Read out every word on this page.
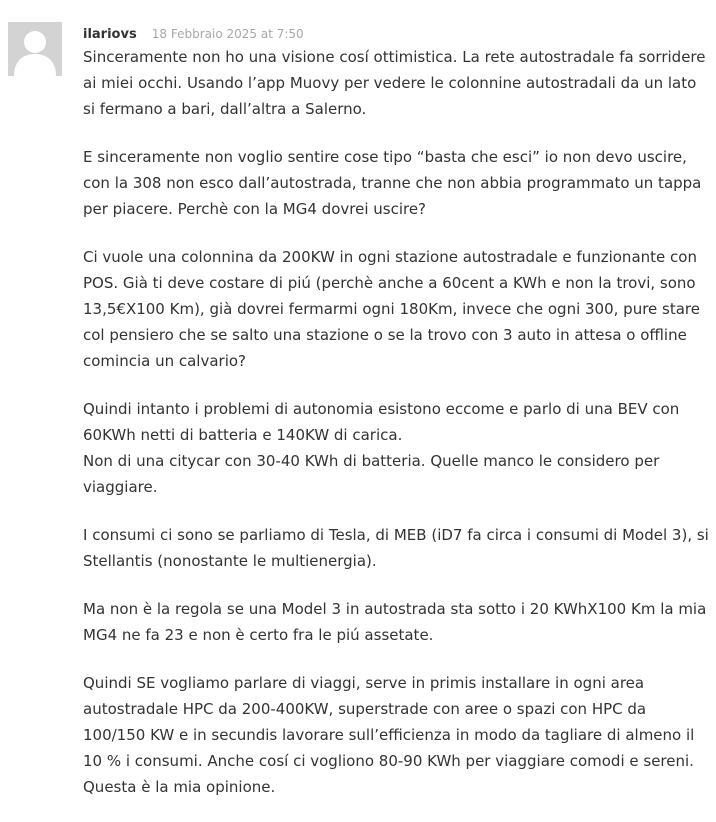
ilariovs 18 Febbraio 2025 at 7:50

Sinceramente non ho una visione cosí ottimistica. La rete autostradale fa sorridere ai miei occhi. Usando l’app Muovy per vedere le colonnine autostradali da un lato si fermano a bari, dall’altra a Salerno.

E sinceramente non voglio sentire cose tipo “basta che esci” io non devo uscire, con la 308 non esco dall’autostrada, tranne che non abbia programmato un tappa per piacere. Perchè con la MG4 dovrei uscire?

Ci vuole una colonnina da 200KW in ogni stazione autostradale e funzionante con POS. Già ti deve costare di piú (perchè anche a 60cent a KWh e non la trovi, sono 13,5€X100 Km), già dovrei fermarmi ogni 180Km, invece che ogni 300, pure stare col pensiero che se salto una stazione o se la trovo con 3 auto in attesa o offline comincia un calvario?

Quindi intanto i problemi di autonomia esistono eccome e parlo di una BEV con 60KWh netti di batteria e 140KW di carica.
Non di una citycar con 30-40 KWh di batteria. Quelle manco le considero per viaggiare.

I consumi ci sono se parliamo di Tesla, di MEB (iD7 fa circa i consumi di Model 3), si Stellantis (nonostante le multienergia).

Ma non è la regola se una Model 3 in autostrada sta sotto i 20 KWhX100 Km la mia MG4 ne fa 23 e non è certo fra le piú assetate.

Quindi SE vogliamo parlare di viaggi, serve in primis installare in ogni area autostradale HPC da 200-400KW, superstrade con aree o spazi con HPC da 100/150 KW e in secundis lavorare sull’efficienza in modo da tagliare di almeno il 10 % i consumi. Anche cosí ci vogliono 80-90 KWh per viaggiare comodi e sereni. Questa è la mia opinione.
